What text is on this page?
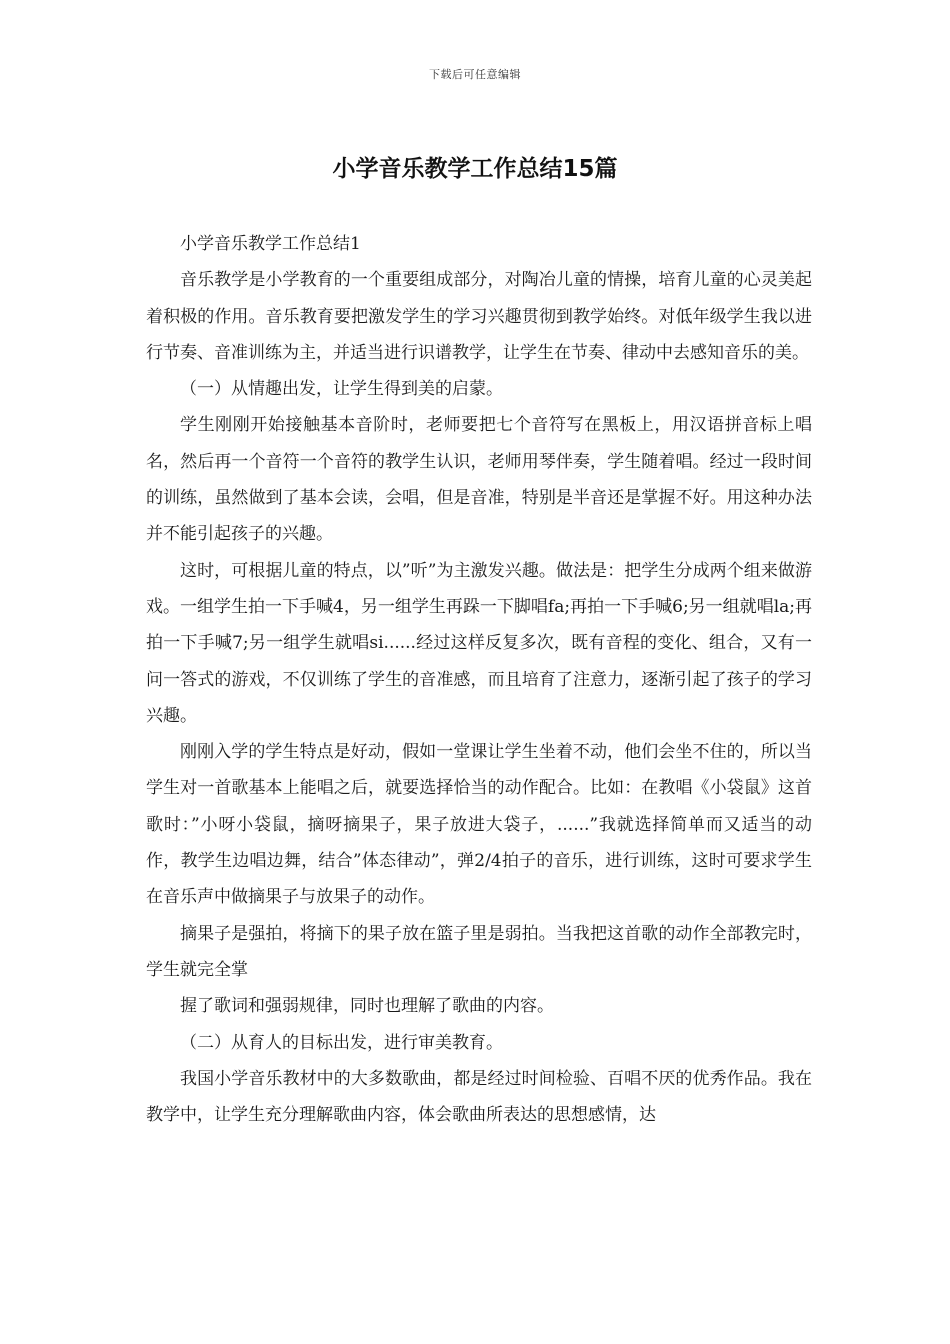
下载后可任意编辑
小学音乐教学工作总结15篇

小学音乐教学工作总结1

音乐教学是小学教育的一个重要组成部分，对陶冶儿童的情操，培育儿童的心灵美起着积极的作用。音乐教育要把激发学生的学习兴趣贯彻到教学始终。对低年级学生我以进行节奏、音准训练为主，并适当进行识谱教学，让学生在节奏、律动中去感知音乐的美。

（一）从情趣出发，让学生得到美的启蒙。

学生刚刚开始接触基本音阶时，老师要把七个音符写在黑板上，用汉语拼音标上唱名，然后再一个音符一个音符的教学生认识，老师用琴伴奏，学生随着唱。经过一段时间的训练，虽然做到了基本会读，会唱，但是音准，特别是半音还是掌握不好。用这种办法并不能引起孩子的兴趣。

这时，可根据儿童的特点，以”听”为主激发兴趣。做法是：把学生分成两个组来做游戏。一组学生拍一下手喊4，另一组学生再跺一下脚唱fa;再拍一下手喊6;另一组就唱la;再拍一下手喊7;另一组学生就唱si......经过这样反复多次，既有音程的变化、组合，又有一问一答式的游戏，不仅训练了学生的音准感，而且培育了注意力，逐渐引起了孩子的学习兴趣。

刚刚入学的学生特点是好动，假如一堂课让学生坐着不动，他们会坐不住的，所以当学生对一首歌基本上能唱之后，就要选择恰当的动作配合。比如：在教唱《小袋鼠》这首歌时：”小呀小袋鼠，摘呀摘果子，果子放进大袋子，......”我就选择简单而又适当的动作，教学生边唱边舞，结合”体态律动”，弹2/4拍子的音乐，进行训练，这时可要求学生在音乐声中做摘果子与放果子的动作。

摘果子是强拍，将摘下的果子放在篮子里是弱拍。当我把这首歌的动作全部教完时，学生就完全掌

握了歌词和强弱规律，同时也理解了歌曲的内容。

（二）从育人的目标出发，进行审美教育。

我国小学音乐教材中的大多数歌曲，都是经过时间检验、百唱不厌的优秀作品。我在教学中，让学生充分理解歌曲内容，体会歌曲所表达的思想感情，达
